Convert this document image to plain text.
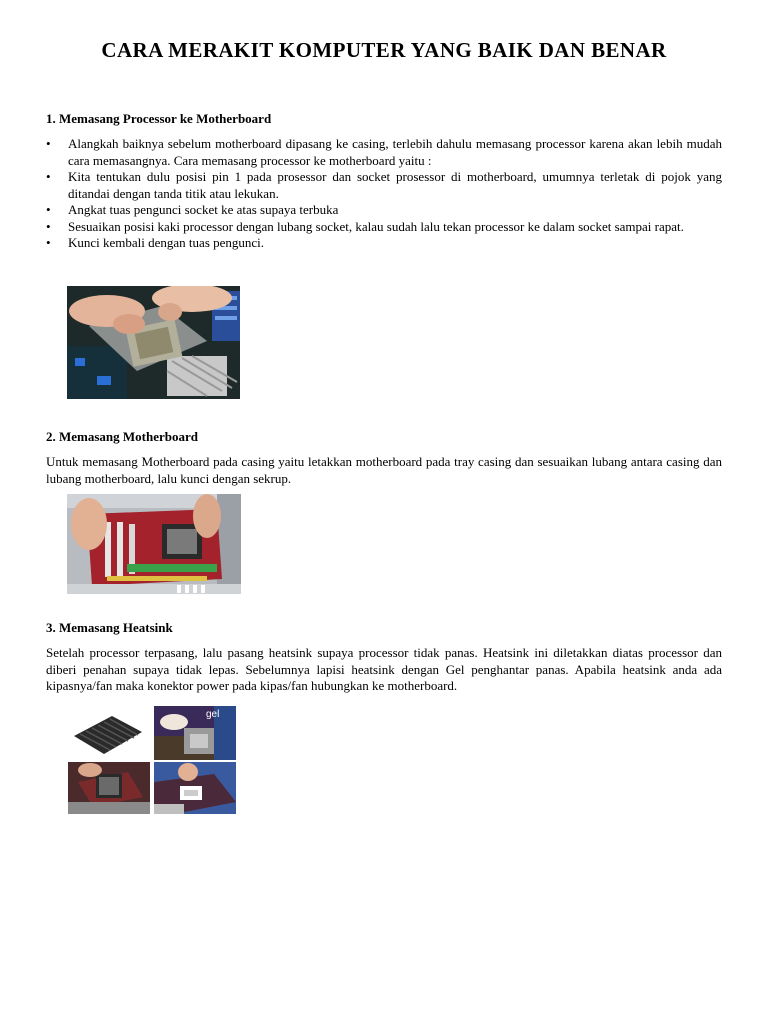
CARA MERAKIT KOMPUTER YANG BAIK DAN BENAR
1. Memasang Processor ke Motherboard
• Alangkah baiknya sebelum motherboard dipasang ke casing, terlebih dahulu memasang processor karena akan lebih mudah cara memasangnya. Cara memasang processor ke motherboard yaitu :
• Kita tentukan dulu posisi pin 1 pada prosessor dan socket prosessor di motherboard, umumnya terletak di pojok yang ditandai dengan tanda titik atau lekukan.
• Angkat tuas pengunci socket ke atas supaya terbuka
• Sesuaikan posisi kaki processor dengan lubang socket, kalau sudah lalu tekan processor ke dalam socket sampai rapat.
• Kunci kembali dengan tuas pengunci.
2. Memasang Motherboard

Untuk memasang Motherboard pada casing yaitu letakkan motherboard pada tray casing dan sesuaikan lubang antara casing dan lubang motherboard, lalu kunci dengan sekrup.

3. Memasang Heatsink

Setelah processor terpasang, lalu pasang heatsink supaya processor tidak panas. Heatsink ini diletakkan diatas processor dan diberi penahan supaya tidak lepas. Sebelumnya lapisi heatsink dengan Gel penghantar panas. Apabila heatsink anda ada kipasnya/fan maka konektor power pada kipas/fan hubungkan ke motherboard.

gel
